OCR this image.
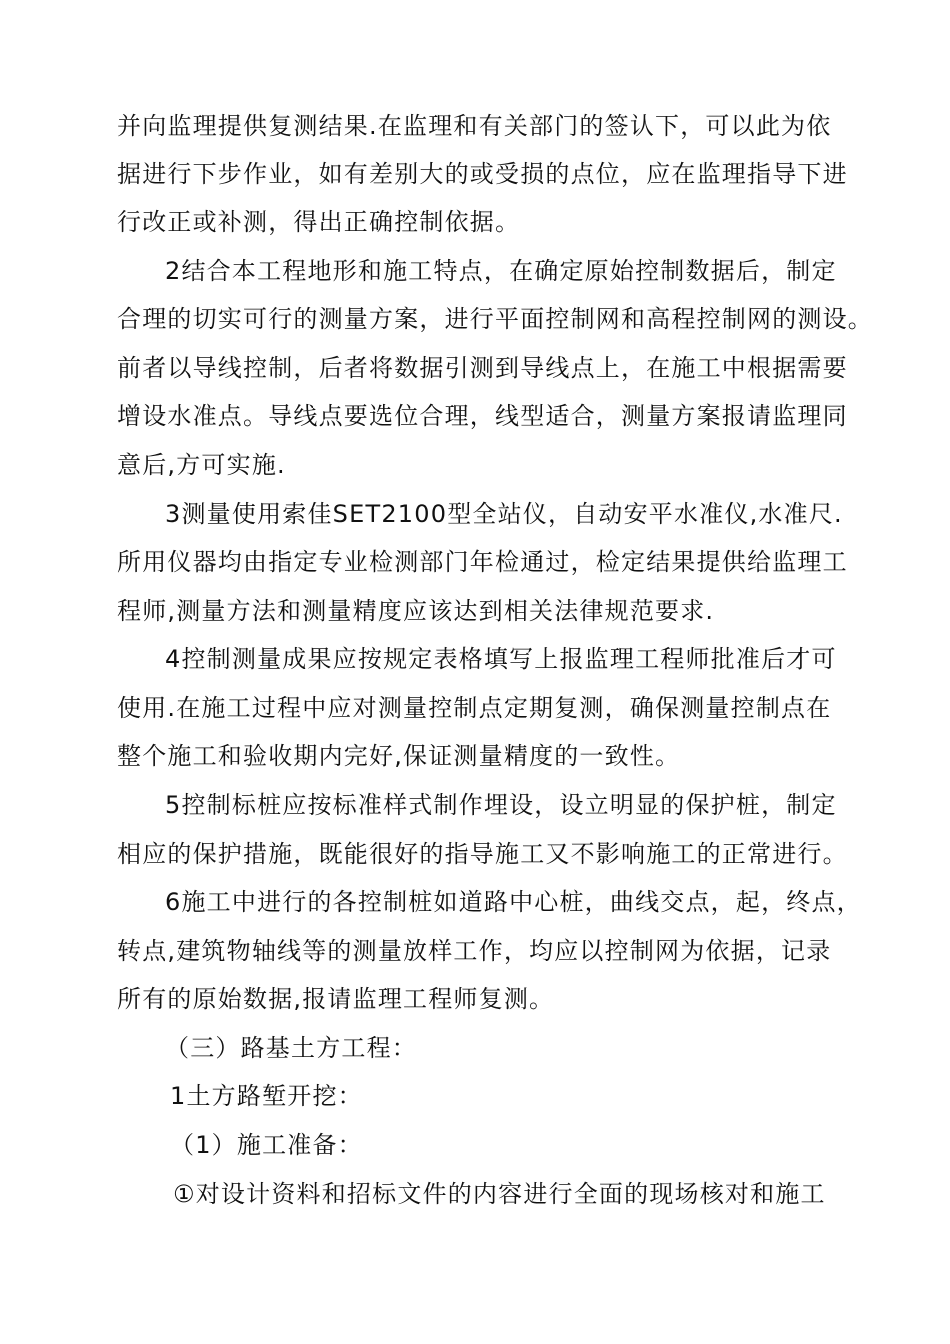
并向监理提供复测结果.在监理和有关部门的签认下，可以此为依
据进行下步作业，如有差别大的或受损的点位，应在监理指导下进
行改正或补测，得出正确控制依据。
2结合本工程地形和施工特点，在确定原始控制数据后，制定
合理的切实可行的测量方案，进行平面控制网和高程控制网的测设。
前者以导线控制，后者将数据引测到导线点上，在施工中根据需要
增设水准点。导线点要选位合理，线型适合，测量方案报请监理同
意后,方可实施.
3测量使用索佳SET2100型全站仪，自动安平水准仪,水准尺.
所用仪器均由指定专业检测部门年检通过，检定结果提供给监理工
程师,测量方法和测量精度应该达到相关法律规范要求.
4控制测量成果应按规定表格填写上报监理工程师批准后才可
使用.在施工过程中应对测量控制点定期复测，确保测量控制点在
整个施工和验收期内完好,保证测量精度的一致性。
5控制标桩应按标准样式制作埋设，设立明显的保护桩，制定
相应的保护措施，既能很好的指导施工又不影响施工的正常进行。
6施工中进行的各控制桩如道路中心桩，曲线交点，起，终点，
转点,建筑物轴线等的测量放样工作，均应以控制网为依据，记录
所有的原始数据,报请监理工程师复测。
（三）路基土方工程：
1土方路堑开挖：
（1）施工准备：
①对设计资料和招标文件的内容进行全面的现场核对和施工
